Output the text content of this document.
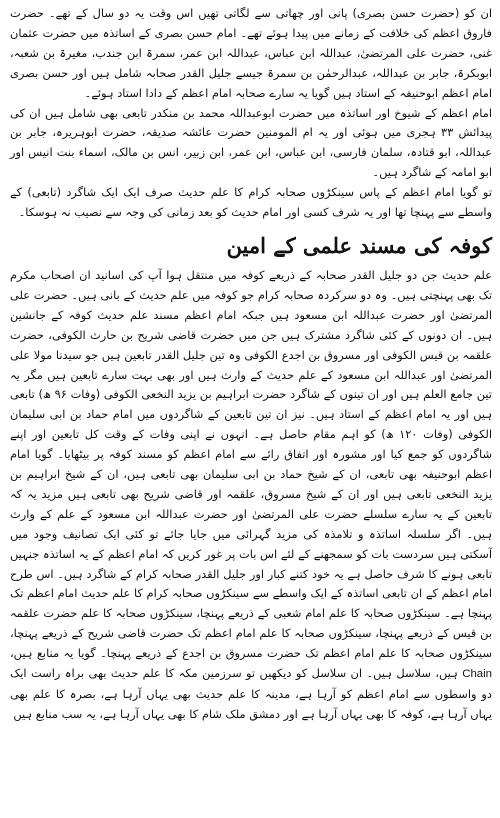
ان کو (حضرت حسن بصری) پانی اور چھاتی سے لگاتی تھیں اس وقت یہ دو سال کے تھے۔ حضرت فاروق اعظم کی خلافت کے زمانے میں پیدا ہوئے تھے۔ امام حسن بصری کے اساتذہ میں حضرت عثمان غنی، حضرت علی المرتضیٰ، عبداللہ ابن عباس، عبداللہ ابن عمر، سمرۃ ابن جندب، مغیرۃ بن شعبہ، ابوبکرۃ، جابر بن عبداللہ، عبدالرحمٰن بن سمرۃ جیسے جلیل القدر صحابہ شامل ہیں اور حسن بصری امام اعظم ابوحنیفہ کے استاد ہیں گویا یہ سارے صحابہ امام اعظم کے دادا استاد ہوئے۔

امام اعظم کے شیوخ اور اساتذہ میں حضرت ابوعبداللہ محمد بن منکدر تابعی بھی شامل ہیں ان کی پیدائش ۳۳ ہجری میں ہوئی اور یہ ام المومنین حضرت عائشہ صدیقہ، حضرت ابوہریرہ، جابر بن عبداللہ، ابو قتادہ، سلمان فارسی، ابن عباس، ابن عمر، ابن زبیر، انس بن مالک، اسماء بنت انیس اور ابو امامہ کے شاگرد ہیں۔

تو گویا امام اعظم کے پاس سینکڑوں صحابہ کرام کا علم حدیث صرف ایک ایک شاگرد (تابعی) کے واسطے سے پہنچا تھا اور یہ شرف کسی اور امام حدیث کو بعد زمانی کی وجہ سے نصیب نہ ہوسکا۔

کوفہ کی مسند علمی کے امین

علم حدیث جن دو جلیل القدر صحابہ کے ذریعے کوفہ میں منتقل ہوا آپ کی اسانید ان اصحاب مکرم تک بھی پہنچتی ہیں۔ وہ دو سرکردہ صحابہ کرام جو کوفہ میں علم حدیث کے بانی ہیں۔ حضرت علی المرتضیٰ اور حضرت عبداللہ ابن مسعود ہیں جبکہ امام اعظم مسند علم حدیث کوفہ کے جانشین ہیں۔ ان دونوں کے کئی شاگرد مشترک ہیں جن میں حضرت قاضی شریح بن حارث الکوفی، حضرت علقمہ بن قیس الکوفی اور مسروق بن اجدع الکوفی وہ تین جلیل القدر تابعین ہیں جو سیدنا مولا علی المرتضیٰ اور عبداللہ ابن مسعود کے علم حدیث کے وارث ہیں اور بھی بہت سارے تابعین ہیں مگر یہ تین جامع العلم ہیں اور ان تینوں کے شاگرد حضرت ابراہیم بن یزید النخعی الکوفی (وفات ۹۶ ھ) تابعی ہیں اور یہ امام اعظم کے استاد ہیں۔ نیز ان تین تابعین کے شاگردوں میں امام حماد بن ابی سلیمان الکوفی (وفات ۱۲۰ ھ) کو اہم مقام حاصل ہے۔ انہوں نے اپنی وفات کے وقت کل تابعین اور اپنے شاگردوں کو جمع کیا اور مشورہ اور اتفاق رائے سے امام اعظم کو مسند کوفہ پر بیٹھایا۔ گویا امام اعظم ابوحنیفہ بھی تابعی، ان کے شیخ حماد بن ابی سلیمان بھی تابعی ہیں، ان کے شیخ ابراہیم بن یزید النخعی تابعی ہیں اور ان کے شیخ مسروق، علقمہ اور قاضی شریح بھی تابعی ہیں مزید یہ کہ تابعین کے یہ سارے سلسلے حضرت علی المرتضیٰ اور حضرت عبداللہ ابن مسعود کے علم کے وارث ہیں۔ اگر سلسلہ اساتذہ و تلامذہ کی مزید گہرائی میں جایا جائے تو کئی ایک تصانیف وجود میں آسکتی ہیں سردست بات کو سمجھنے کے لئے اس بات پر غور کریں کہ امام اعظم کے یہ اساتذہ جنہیں تابعی ہونے کا شرف حاصل ہے یہ خود کتنے کبار اور جلیل القدر صحابہ کرام کے شاگرد ہیں۔ اس طرح امام اعظم کے ان تابعی اساتذہ کے ایک واسطے سے سینکڑوں صحابہ کرام کا علم حدیث امام اعظم تک پہنچا ہے۔ سینکڑوں صحابہ کا علم امام شعبی کے ذریعے پہنچا، سینکڑوں صحابہ کا علم حضرت علقمہ بن قیس کے ذریعے پہنچا، سینکڑوں صحابہ کا علم امام اعظم تک حضرت قاضی شریح کے ذریعے پہنچا، سینکڑوں صحابہ کا علم امام اعظم تک حضرت مسروق بن اجدع کے ذریعے پہنچا۔ گویا یہ منابع ہیں، Chain ہیں، سلاسل ہیں۔ ان سلاسل کو دیکھیں تو سرزمین مکہ کا علم حدیث بھی براہ راست ایک دو واسطوں سے امام اعظم کو آرہا ہے، مدینہ کا علم حدیث بھی یہاں آرہا ہے، بصرہ کا علم بھی یہاں آرہا ہے، کوفہ کا بھی یہاں آرہا ہے اور دمشق ملک شام کا بھی یہاں آرہا ہے، یہ سب منابع ہیں
